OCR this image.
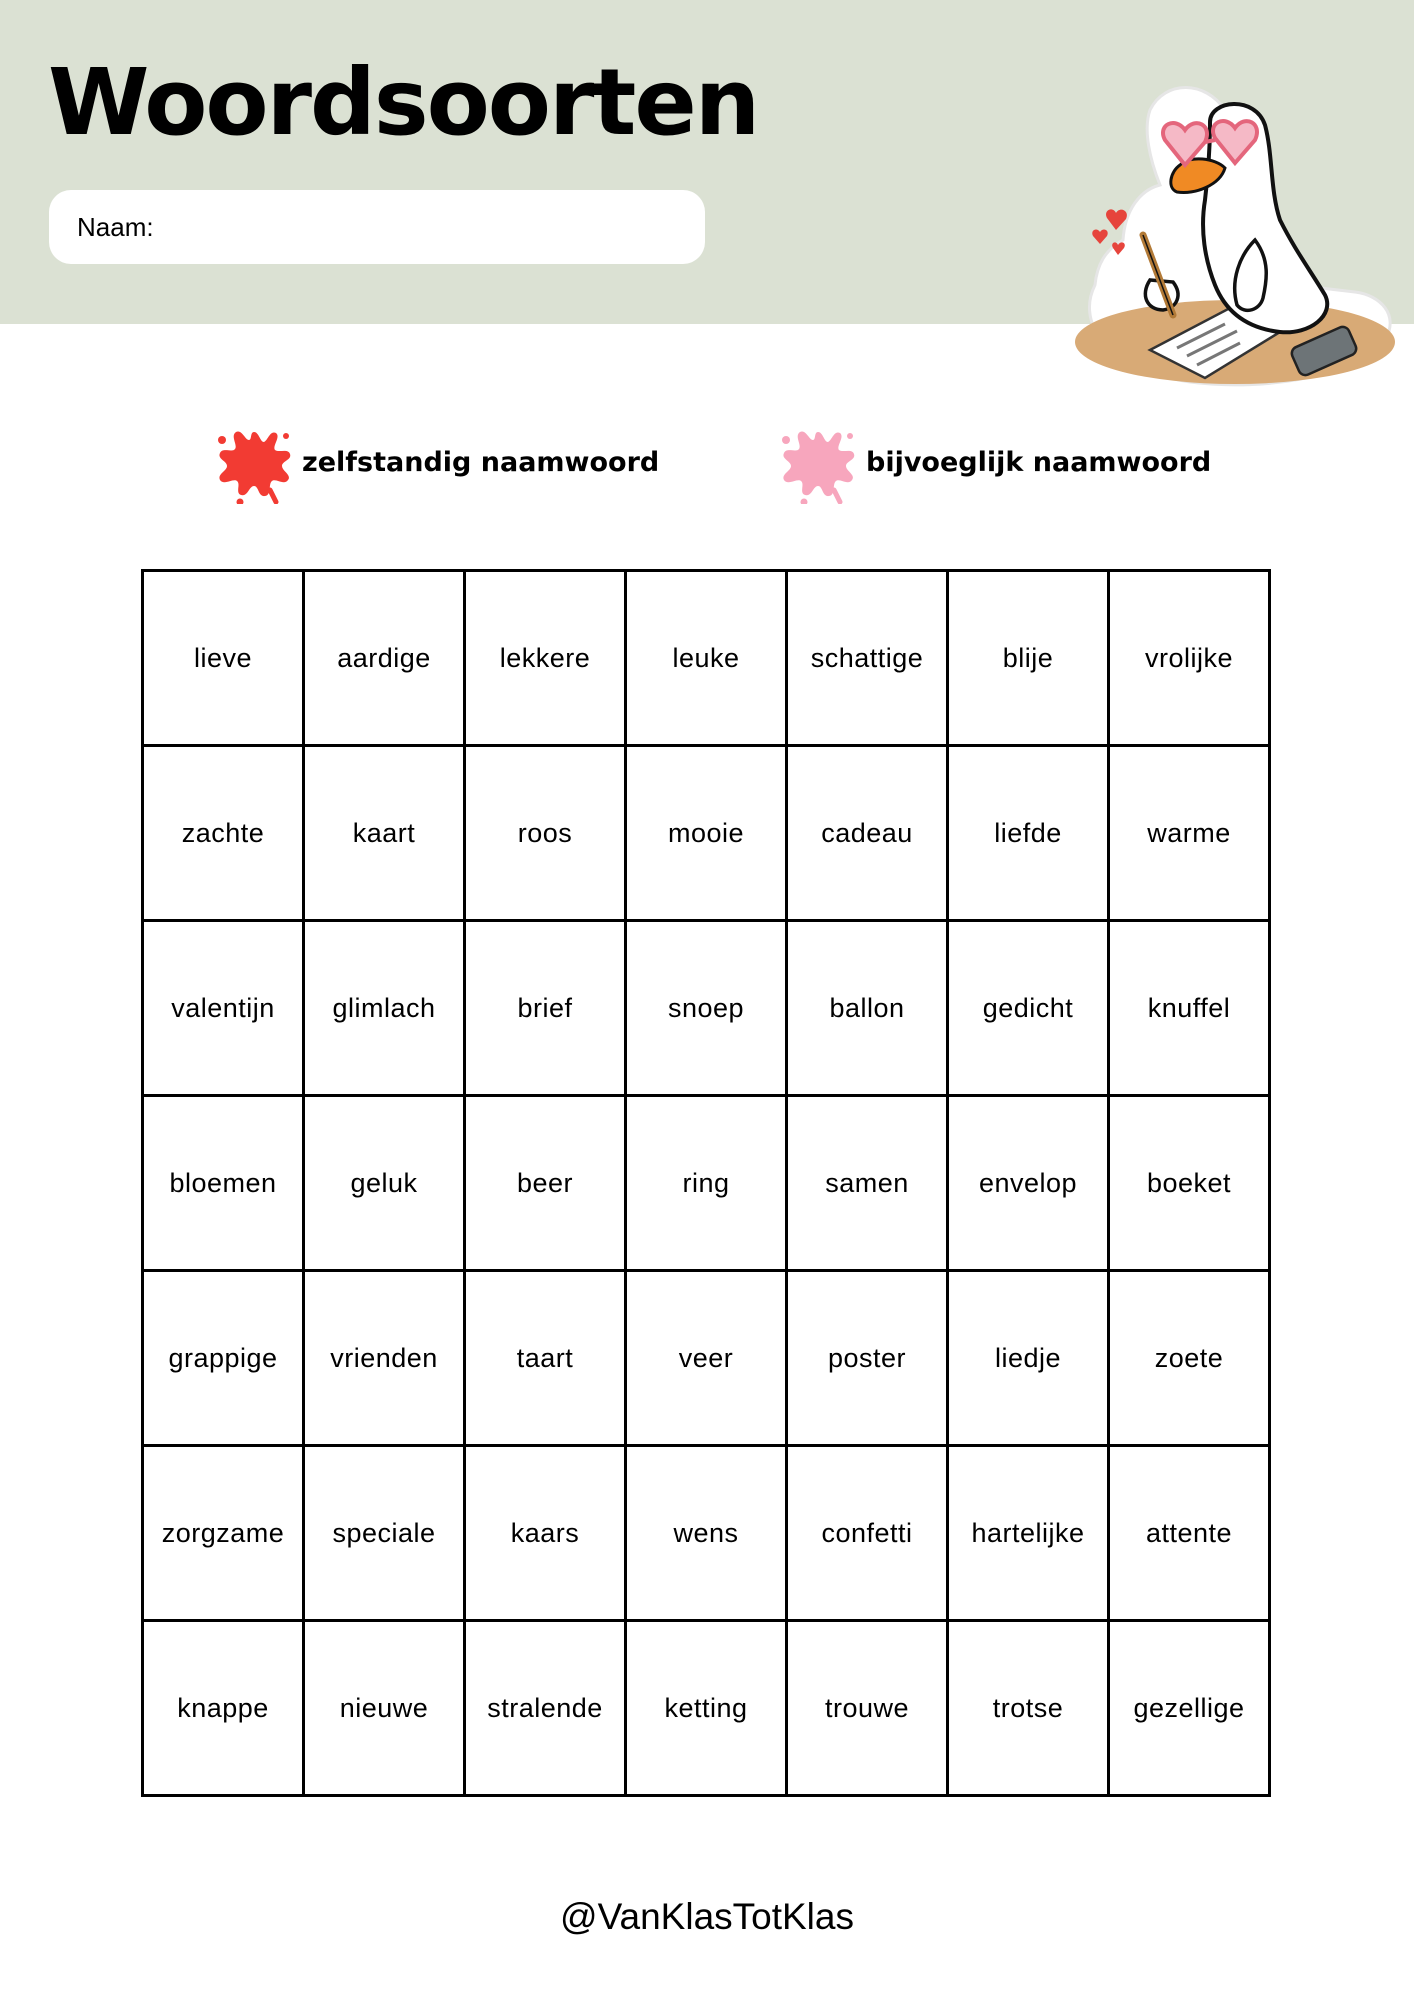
Woordsoorten
Naam:
zelfstandig naamwoord	bijvoeglijk naamwoord
lieve	aardige	lekkere	leuke	schattige	blije	vrolijke
zachte	kaart	roos	mooie	cadeau	liefde	warme
valentijn	glimlach	brief	snoep	ballon	gedicht	knuffel
bloemen	geluk	beer	ring	samen	envelop	boeket
grappige	vrienden	taart	veer	poster	liedje	zoete
zorgzame	speciale	kaars	wens	confetti	hartelijke	attente
knappe	nieuwe	stralende	ketting	trouwe	trotse	gezellige
@VanKlasTotKlas
